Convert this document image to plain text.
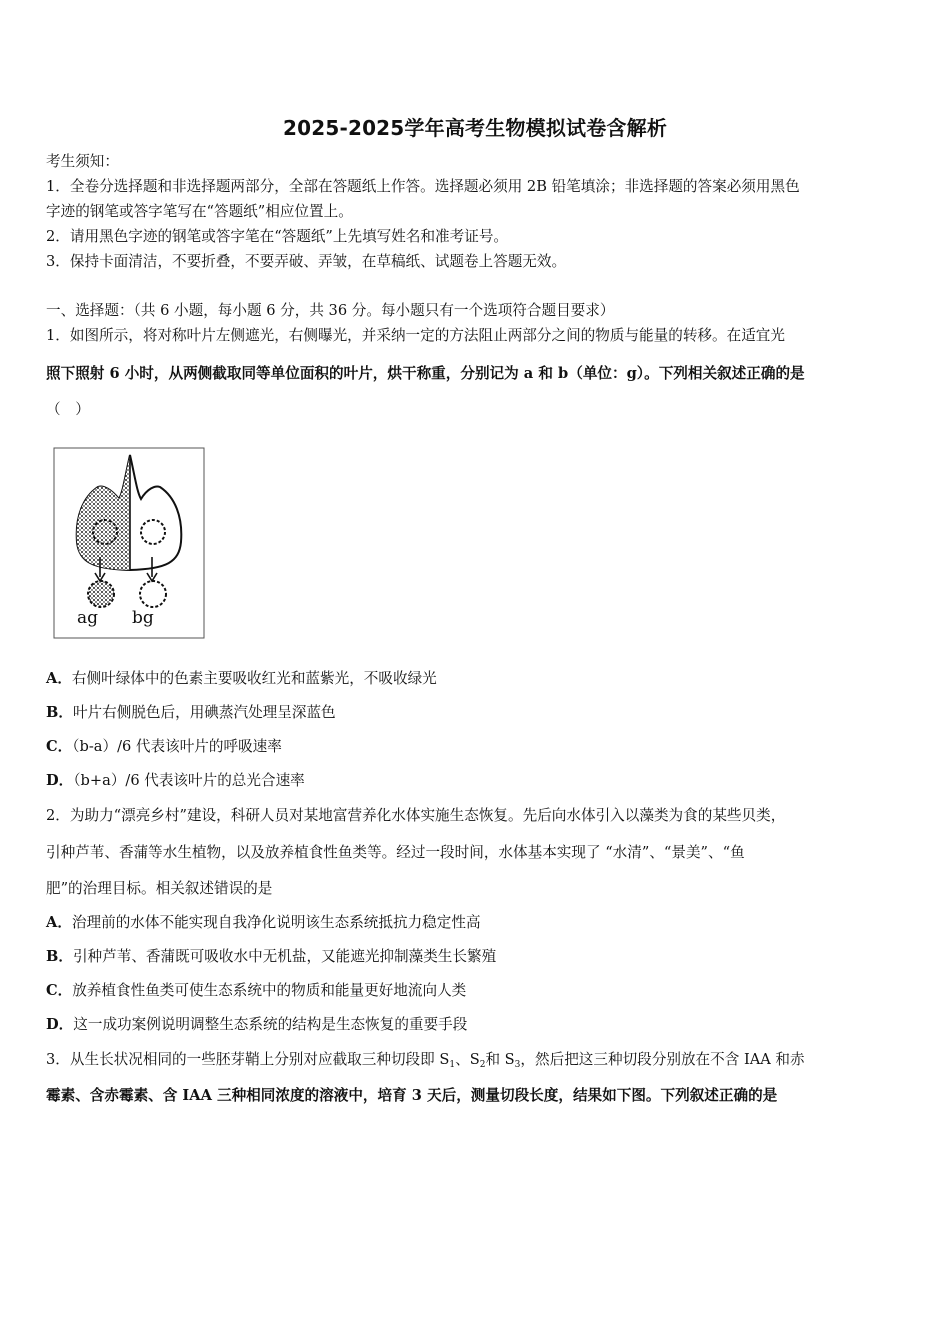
2025-2025学年高考生物模拟试卷含解析
考生须知：
1．全卷分选择题和非选择题两部分，全部在答题纸上作答。选择题必须用 2B 铅笔填涂；非选择题的答案必须用黑色
字迹的钢笔或答字笔写在“答题纸”相应位置上。
2．请用黑色字迹的钢笔或答字笔在“答题纸”上先填写姓名和准考证号。
3．保持卡面清洁，不要折叠，不要弄破、弄皱，在草稿纸、试题卷上答题无效。
一、选择题：（共 6 小题，每小题 6 分，共 36 分。每小题只有一个选项符合题目要求）
1．如图所示，将对称叶片左侧遮光，右侧曝光，并采纳一定的方法阻止两部分之间的物质与能量的转移。在适宜光
照下照射 6 小时，从两侧截取同等单位面积的叶片，烘干称重，分别记为 a 和 b（单位：g）。下列相关叙述正确的是
（　）
ag bg
A．右侧叶绿体中的色素主要吸收红光和蓝紫光，不吸收绿光
B．叶片右侧脱色后，用碘蒸汽处理呈深蓝色
C．（b-a）/6 代表该叶片的呼吸速率
D．（b+a）/6 代表该叶片的总光合速率
2．为助力“漂亮乡村”建设，科研人员对某地富营养化水体实施生态恢复。先后向水体引入以藻类为食的某些贝类，
引种芦苇、香蒲等水生植物，以及放养植食性鱼类等。经过一段时间，水体基本实现了 “水清”、“景美”、“鱼
肥”的治理目标。相关叙述错误的是
A．治理前的水体不能实现自我净化说明该生态系统抵抗力稳定性高
B．引种芦苇、香蒲既可吸收水中无机盐，又能遮光抑制藻类生长繁殖
C．放养植食性鱼类可使生态系统中的物质和能量更好地流向人类
D．这一成功案例说明调整生态系统的结构是生态恢复的重要手段
3．从生长状况相同的一些胚芽鞘上分别对应截取三种切段即 $S_1$、$S_2$和 $S_3$，然后把这三种切段分别放在不含 IAA 和赤
霉素、含赤霉素、含 IAA 三种相同浓度的溶液中，培育 3 天后，测量切段长度，结果如下图。下列叙述正确的是
